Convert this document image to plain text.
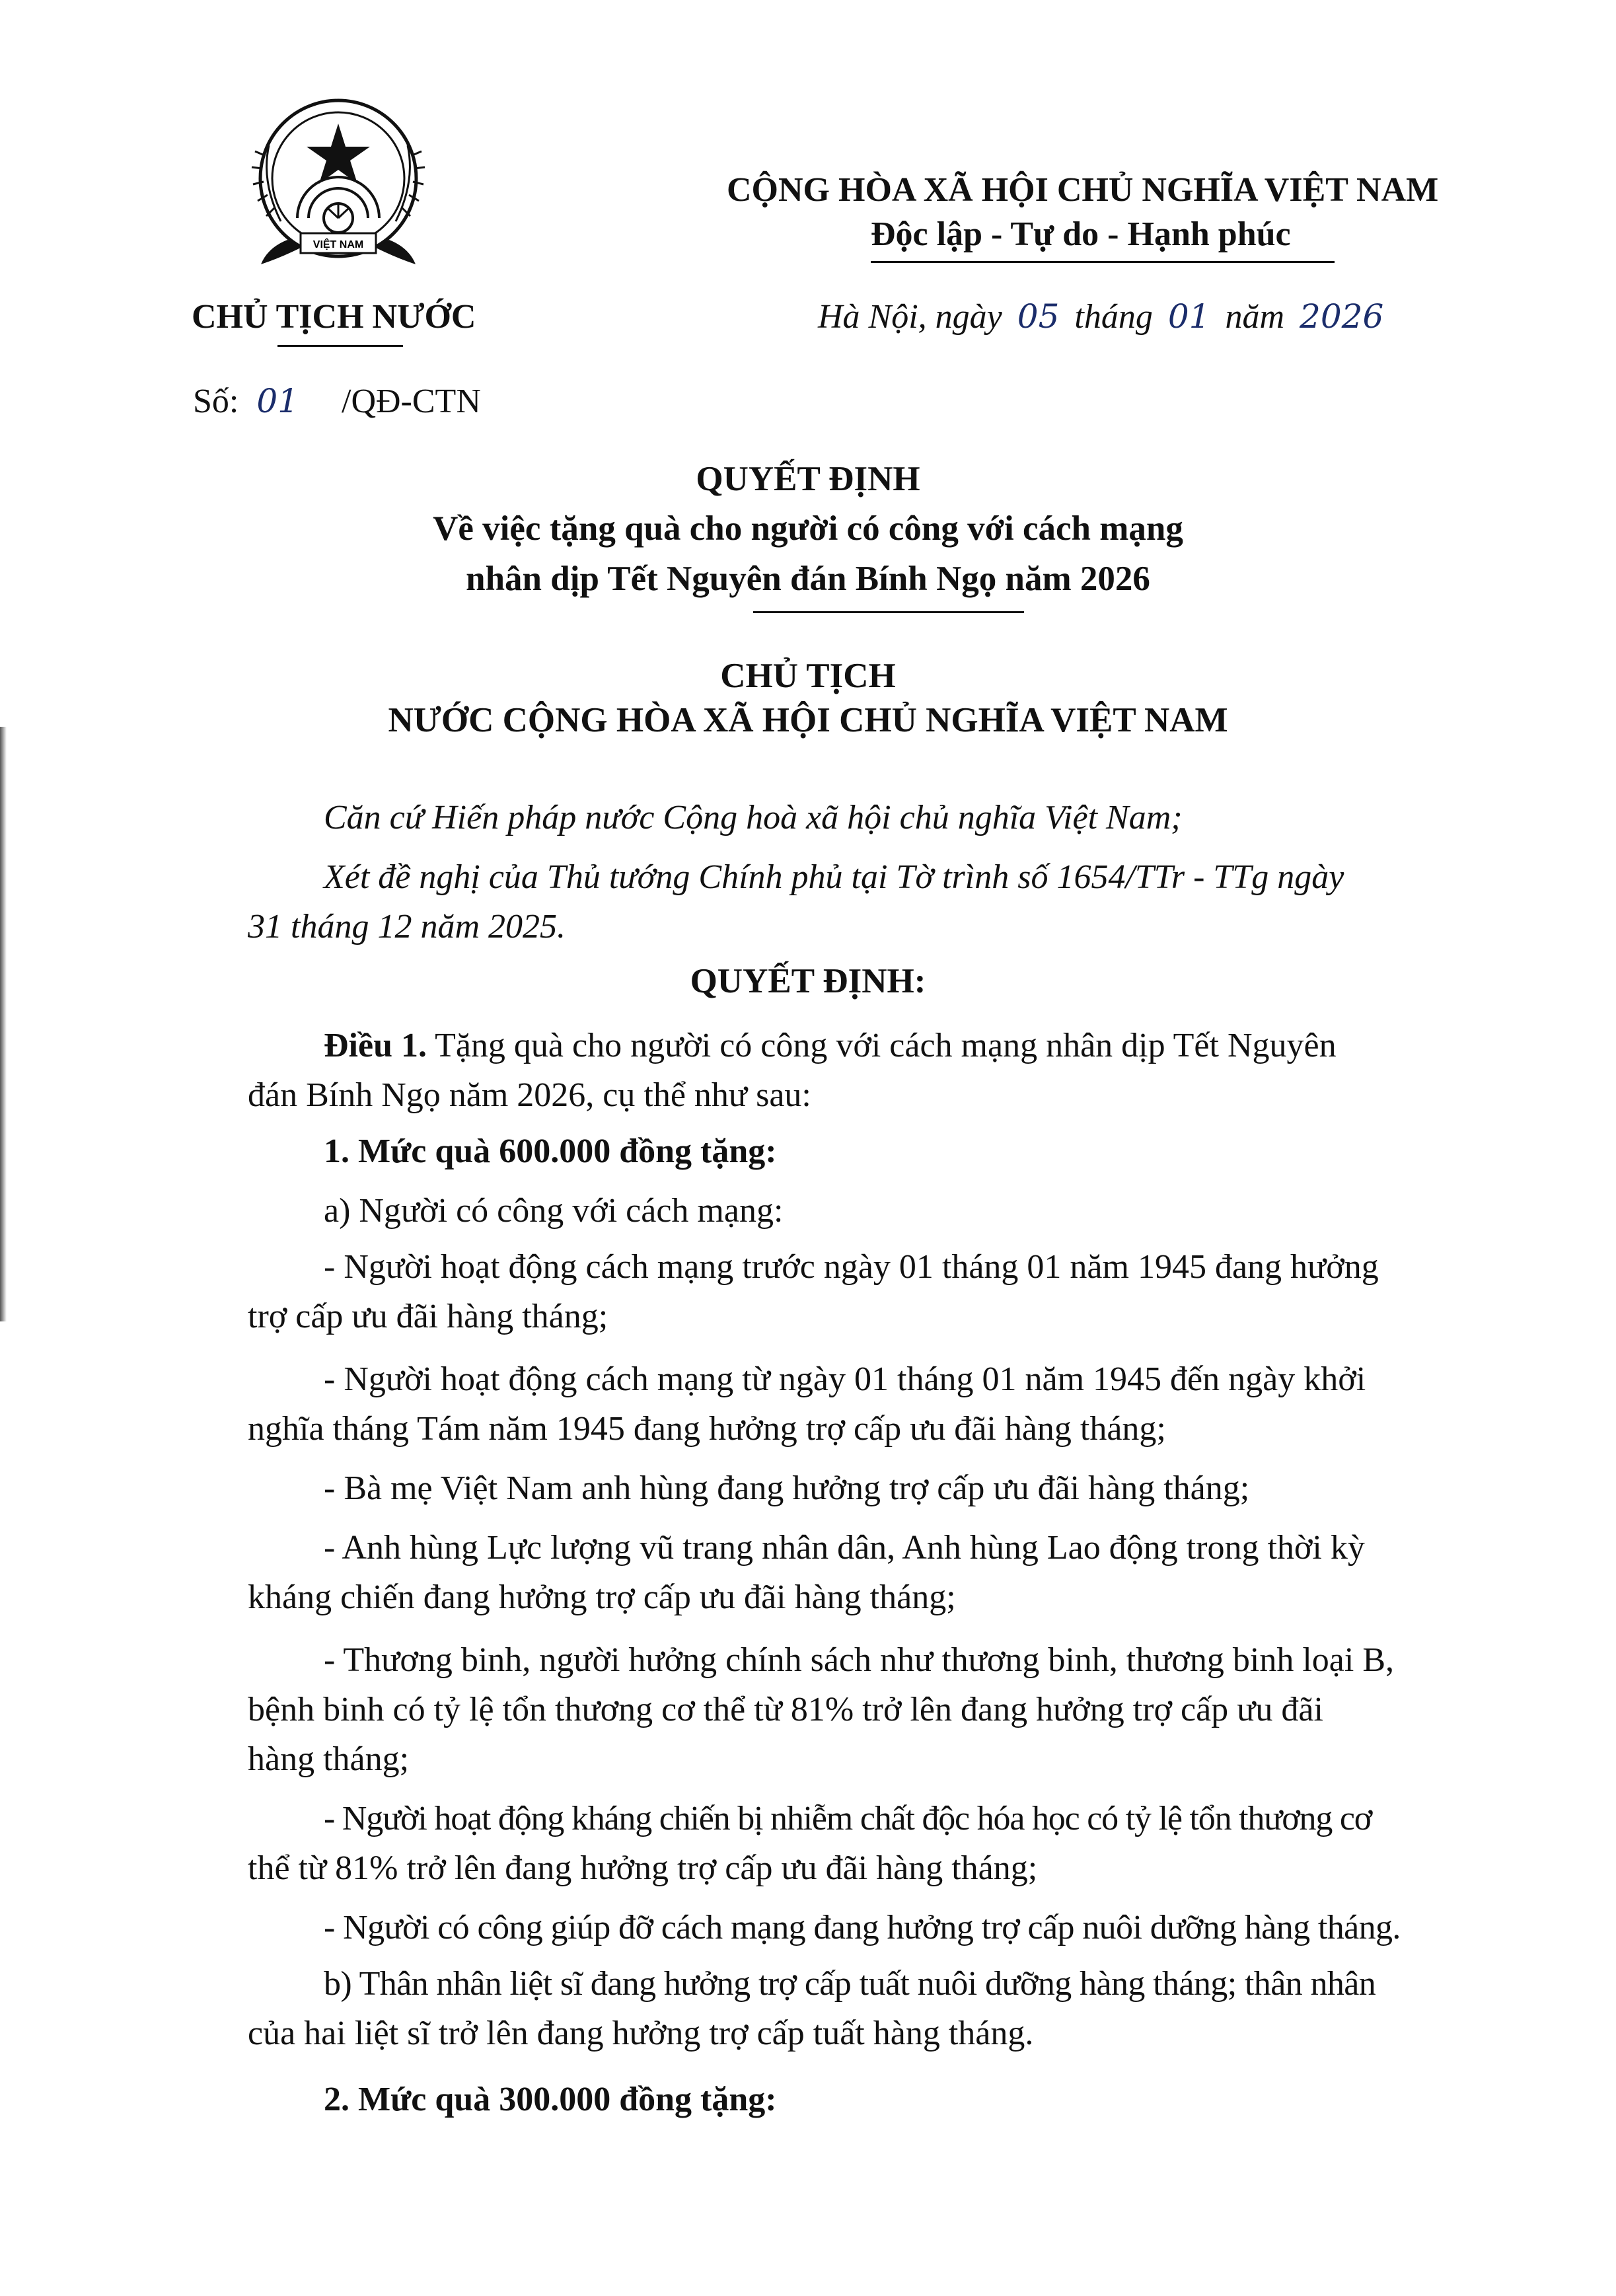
VIỆT NAM
CHỦ TỊCH NƯỚC
Số: 01 /QĐ-CTN
CỘNG HÒA XÃ HỘI CHỦ NGHĨA VIỆT NAM
Độc lập - Tự do - Hạnh phúc
Hà Nội, ngày 05 tháng 01 năm 2026
QUYẾT ĐỊNH
Về việc tặng quà cho người có công với cách mạng
nhân dịp Tết Nguyên đán Bính Ngọ năm 2026
CHỦ TỊCH
NƯỚC CỘNG HÒA XÃ HỘI CHỦ NGHĨA VIỆT NAM
Căn cứ Hiến pháp nước Cộng hoà xã hội chủ nghĩa Việt Nam;
Xét đề nghị của Thủ tướng Chính phủ tại Tờ trình số 1654/TTr - TTg ngày
31 tháng 12 năm 2025.
QUYẾT ĐỊNH:
Điều 1. Tặng quà cho người có công với cách mạng nhân dịp Tết Nguyên
đán Bính Ngọ năm 2026, cụ thể như sau:
1. Mức quà 600.000 đồng tặng:
a) Người có công với cách mạng:
- Người hoạt động cách mạng trước ngày 01 tháng 01 năm 1945 đang hưởng
trợ cấp ưu đãi hàng tháng;
- Người hoạt động cách mạng từ ngày 01 tháng 01 năm 1945 đến ngày khởi
nghĩa tháng Tám năm 1945 đang hưởng trợ cấp ưu đãi hàng tháng;
- Bà mẹ Việt Nam anh hùng đang hưởng trợ cấp ưu đãi hàng tháng;
- Anh hùng Lực lượng vũ trang nhân dân, Anh hùng Lao động trong thời kỳ
kháng chiến đang hưởng trợ cấp ưu đãi hàng tháng;
- Thương binh, người hưởng chính sách như thương binh, thương binh loại B,
bệnh binh có tỷ lệ tổn thương cơ thể từ 81% trở lên đang hưởng trợ cấp ưu đãi
hàng tháng;
- Người hoạt động kháng chiến bị nhiễm chất độc hóa học có tỷ lệ tổn thương cơ
thể từ 81% trở lên đang hưởng trợ cấp ưu đãi hàng tháng;
- Người có công giúp đỡ cách mạng đang hưởng trợ cấp nuôi dưỡng hàng tháng.
b) Thân nhân liệt sĩ đang hưởng trợ cấp tuất nuôi dưỡng hàng tháng; thân nhân
của hai liệt sĩ trở lên đang hưởng trợ cấp tuất hàng tháng.
2. Mức quà 300.000 đồng tặng:
